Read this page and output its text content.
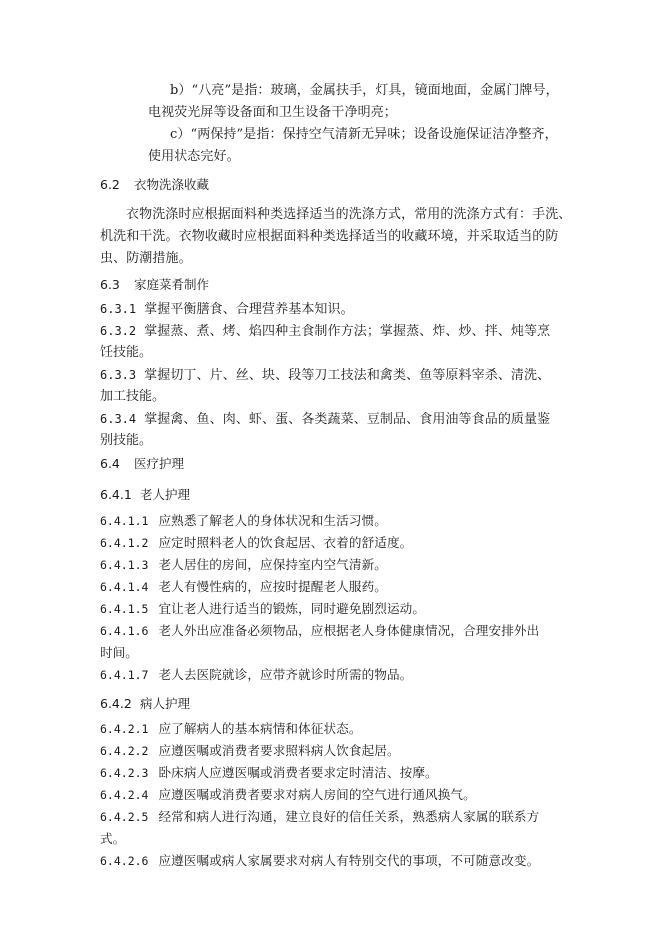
b）“八亮”是指：玻璃，金属扶手，灯具，镜面地面，金属门牌号，
电视荧光屏等设备面和卫生设备干净明亮；
c）“两保持”是指：保持空气清新无异味；设备设施保证洁净整齐，
使用状态完好。
6.2 衣物洗涤收藏
衣物洗涤时应根据面料种类选择适当的洗涤方式，常用的洗涤方式有：手洗、
机洗和干洗。衣物收藏时应根据面料种类选择适当的收藏环境，并采取适当的防
虫、防潮措施。
6.3 家庭菜肴制作
6.3.1 掌握平衡膳食、合理营养基本知识。
6.3.2 掌握蒸、煮、烤、焰四种主食制作方法；掌握蒸、炸、炒、拌、炖等烹
饪技能。
6.3.3 掌握切丁、片、丝、块、段等刀工技法和禽类、鱼等原料宰杀、清洗、
加工技能。
6.3.4 掌握禽、鱼、肉、虾、蛋、各类蔬菜、豆制品、食用油等食品的质量鉴
别技能。
6.4 医疗护理
6.4.1 老人护理
6.4.1.1 应熟悉了解老人的身体状况和生活习惯。
6.4.1.2 应定时照料老人的饮食起居、衣着的舒适度。
6.4.1.3 老人居住的房间，应保持室内空气清新。
6.4.1.4 老人有慢性病的，应按时提醒老人服药。
6.4.1.5 宜让老人进行适当的锻炼，同时避免剧烈运动。
6.4.1.6 老人外出应准备必须物品，应根据老人身体健康情况，合理安排外出
时间。
6.4.1.7 老人去医院就诊，应带齐就诊时所需的物品。
6.4.2 病人护理
6.4.2.1 应了解病人的基本病情和体征状态。
6.4.2.2 应遵医嘱或消费者要求照料病人饮食起居。
6.4.2.3 卧床病人应遵医嘱或消费者要求定时清洁、按摩。
6.4.2.4 应遵医嘱或消费者要求对病人房间的空气进行通风换气。
6.4.2.5 经常和病人进行沟通，建立良好的信任关系，熟悉病人家属的联系方
式。
6.4.2.6 应遵医嘱或病人家属要求对病人有特别交代的事项，不可随意改变。
